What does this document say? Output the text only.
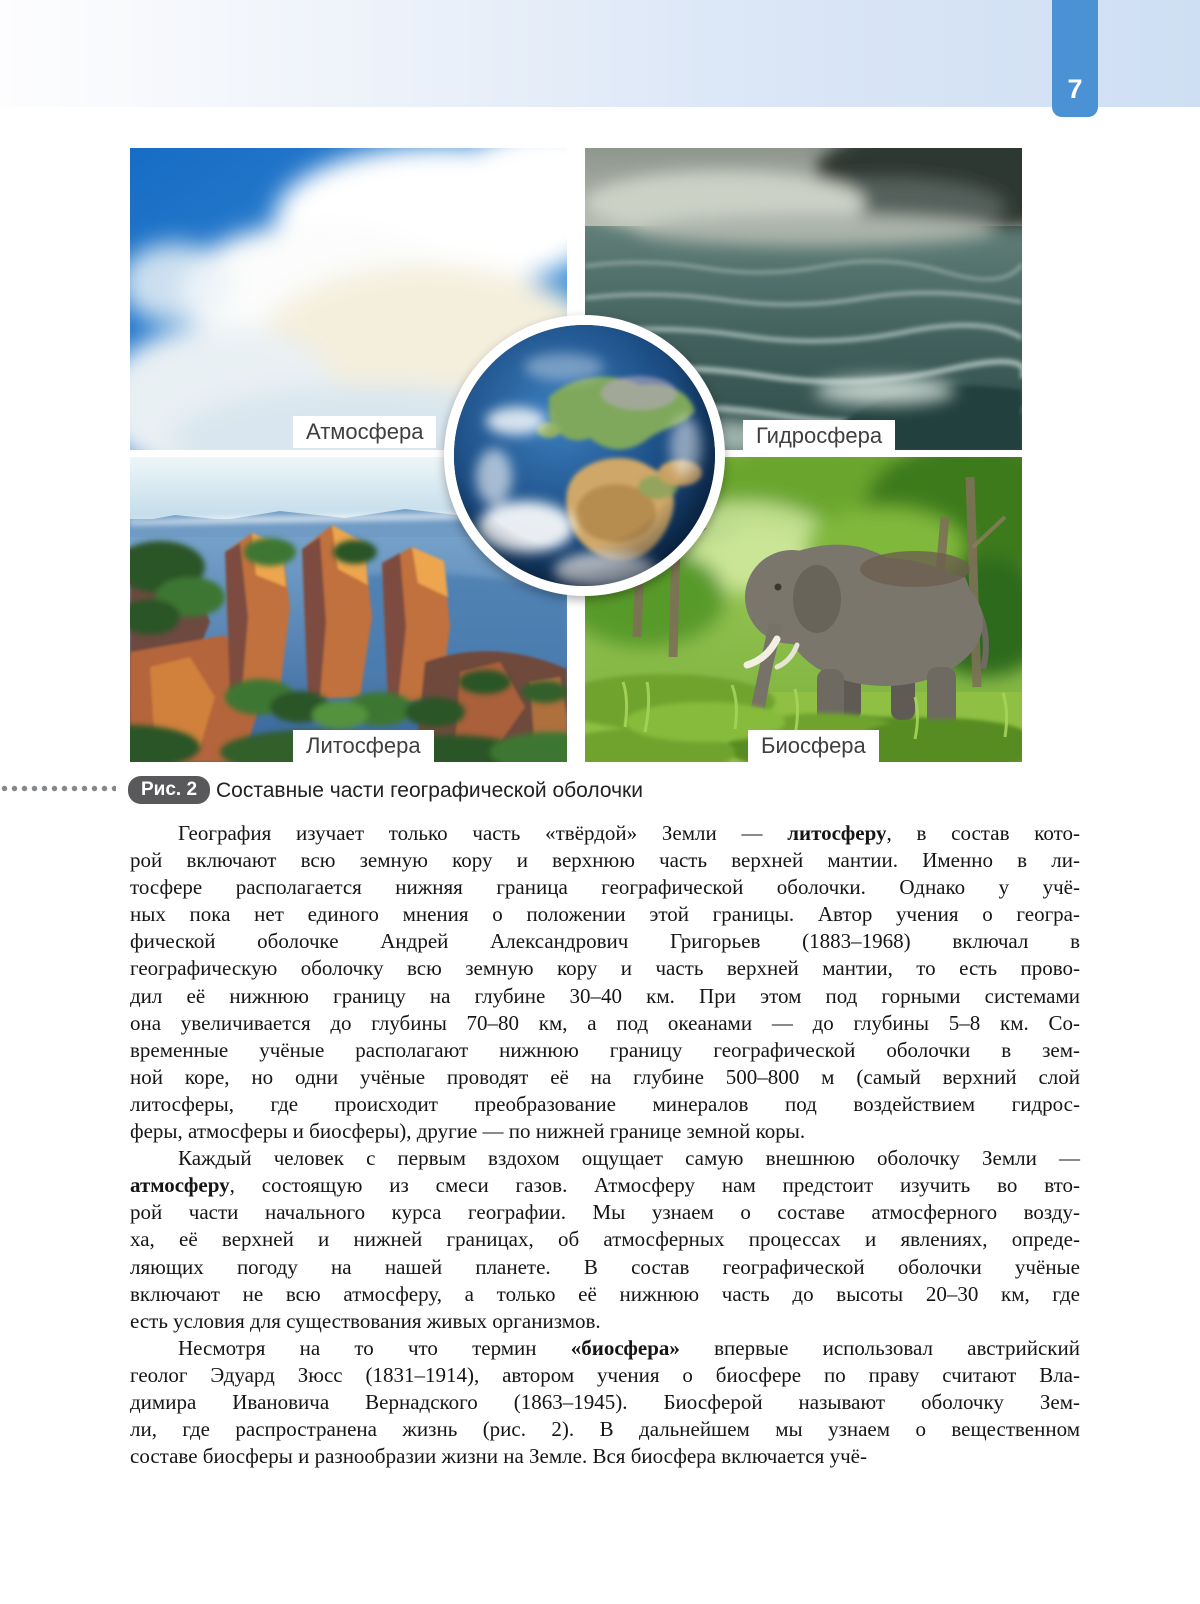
7
Атмосфера	Гидросфера
Литосфера	Биосфера
Рис. 2 Составные части географической оболочки
География изучает только часть «твёрдой» Земли — литосферу, в состав кото-
рой включают всю земную кору и верхнюю часть верхней мантии. Именно в ли-
тосфере располагается нижняя граница географической оболочки. Однако у учё-
ных пока нет единого мнения о положении этой границы. Автор учения о геогра-
фической оболочке Андрей Александрович Григорьев (1883–1968) включал в
географическую оболочку всю земную кору и часть верхней мантии, то есть прово-
дил её нижнюю границу на глубине 30–40 км. При этом под горными системами
она увеличивается до глубины 70–80 км, а под океанами — до глубины 5–8 км. Со-
временные учёные располагают нижнюю границу географической оболочки в зем-
ной коре, но одни учёные проводят её на глубине 500–800 м (самый верхний слой
литосферы, где происходит преобразование минералов под воздействием гидрос-
феры, атмосферы и биосферы), другие — по нижней границе земной коры.
Каждый человек с первым вздохом ощущает самую внешнюю оболочку Земли —
атмосферу, состоящую из смеси газов. Атмосферу нам предстоит изучить во вто-
рой части начального курса географии. Мы узнаем о составе атмосферного возду-
ха, её верхней и нижней границах, об атмосферных процессах и явлениях, опреде-
ляющих погоду на нашей планете. В состав географической оболочки учёные
включают не всю атмосферу, а только её нижнюю часть до высоты 20–30 км, где
есть условия для существования живых организмов.
Несмотря на то что термин «биосфера» впервые использовал австрийский
геолог Эдуард Зюсс (1831–1914), автором учения о биосфере по праву считают Вла-
димира Ивановича Вернадского (1863–1945). Биосферой называют оболочку Зем-
ли, где распространена жизнь (рис. 2). В дальнейшем мы узнаем о вещественном
составе биосферы и разнообразии жизни на Земле. Вся биосфера включается учё-
